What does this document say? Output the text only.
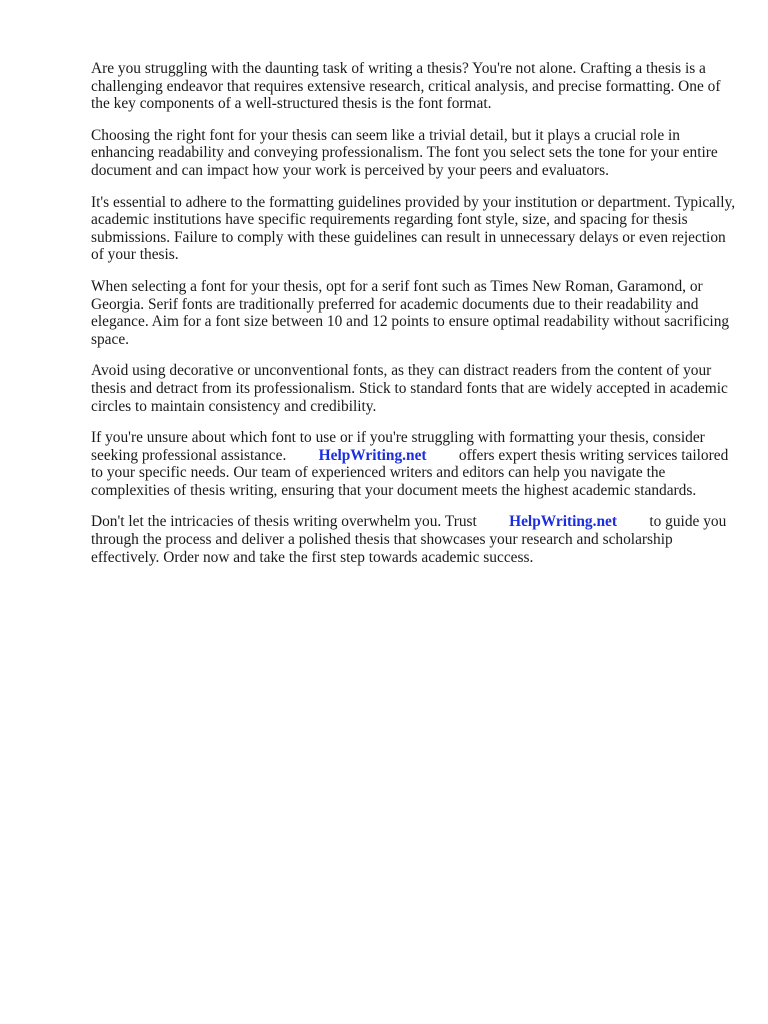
Are you struggling with the daunting task of writing a thesis? You're not alone. Crafting a thesis is a challenging endeavor that requires extensive research, critical analysis, and precise formatting. One of the key components of a well-structured thesis is the font format.

Choosing the right font for your thesis can seem like a trivial detail, but it plays a crucial role in enhancing readability and conveying professionalism. The font you select sets the tone for your entire document and can impact how your work is perceived by your peers and evaluators.

It's essential to adhere to the formatting guidelines provided by your institution or department. Typically, academic institutions have specific requirements regarding font style, size, and spacing for thesis submissions. Failure to comply with these guidelines can result in unnecessary delays or even rejection of your thesis.

When selecting a font for your thesis, opt for a serif font such as Times New Roman, Garamond, or Georgia. Serif fonts are traditionally preferred for academic documents due to their readability and elegance. Aim for a font size between 10 and 12 points to ensure optimal readability without sacrificing space.

Avoid using decorative or unconventional fonts, as they can distract readers from the content of your thesis and detract from its professionalism. Stick to standard fonts that are widely accepted in academic circles to maintain consistency and credibility.

If you're unsure about which font to use or if you're struggling with formatting your thesis, consider seeking professional assistance. HelpWriting.net offers expert thesis writing services tailored to your specific needs. Our team of experienced writers and editors can help you navigate the complexities of thesis writing, ensuring that your document meets the highest academic standards.

Don't let the intricacies of thesis writing overwhelm you. Trust HelpWriting.net to guide you through the process and deliver a polished thesis that showcases your research and scholarship effectively. Order now and take the first step towards academic success.
